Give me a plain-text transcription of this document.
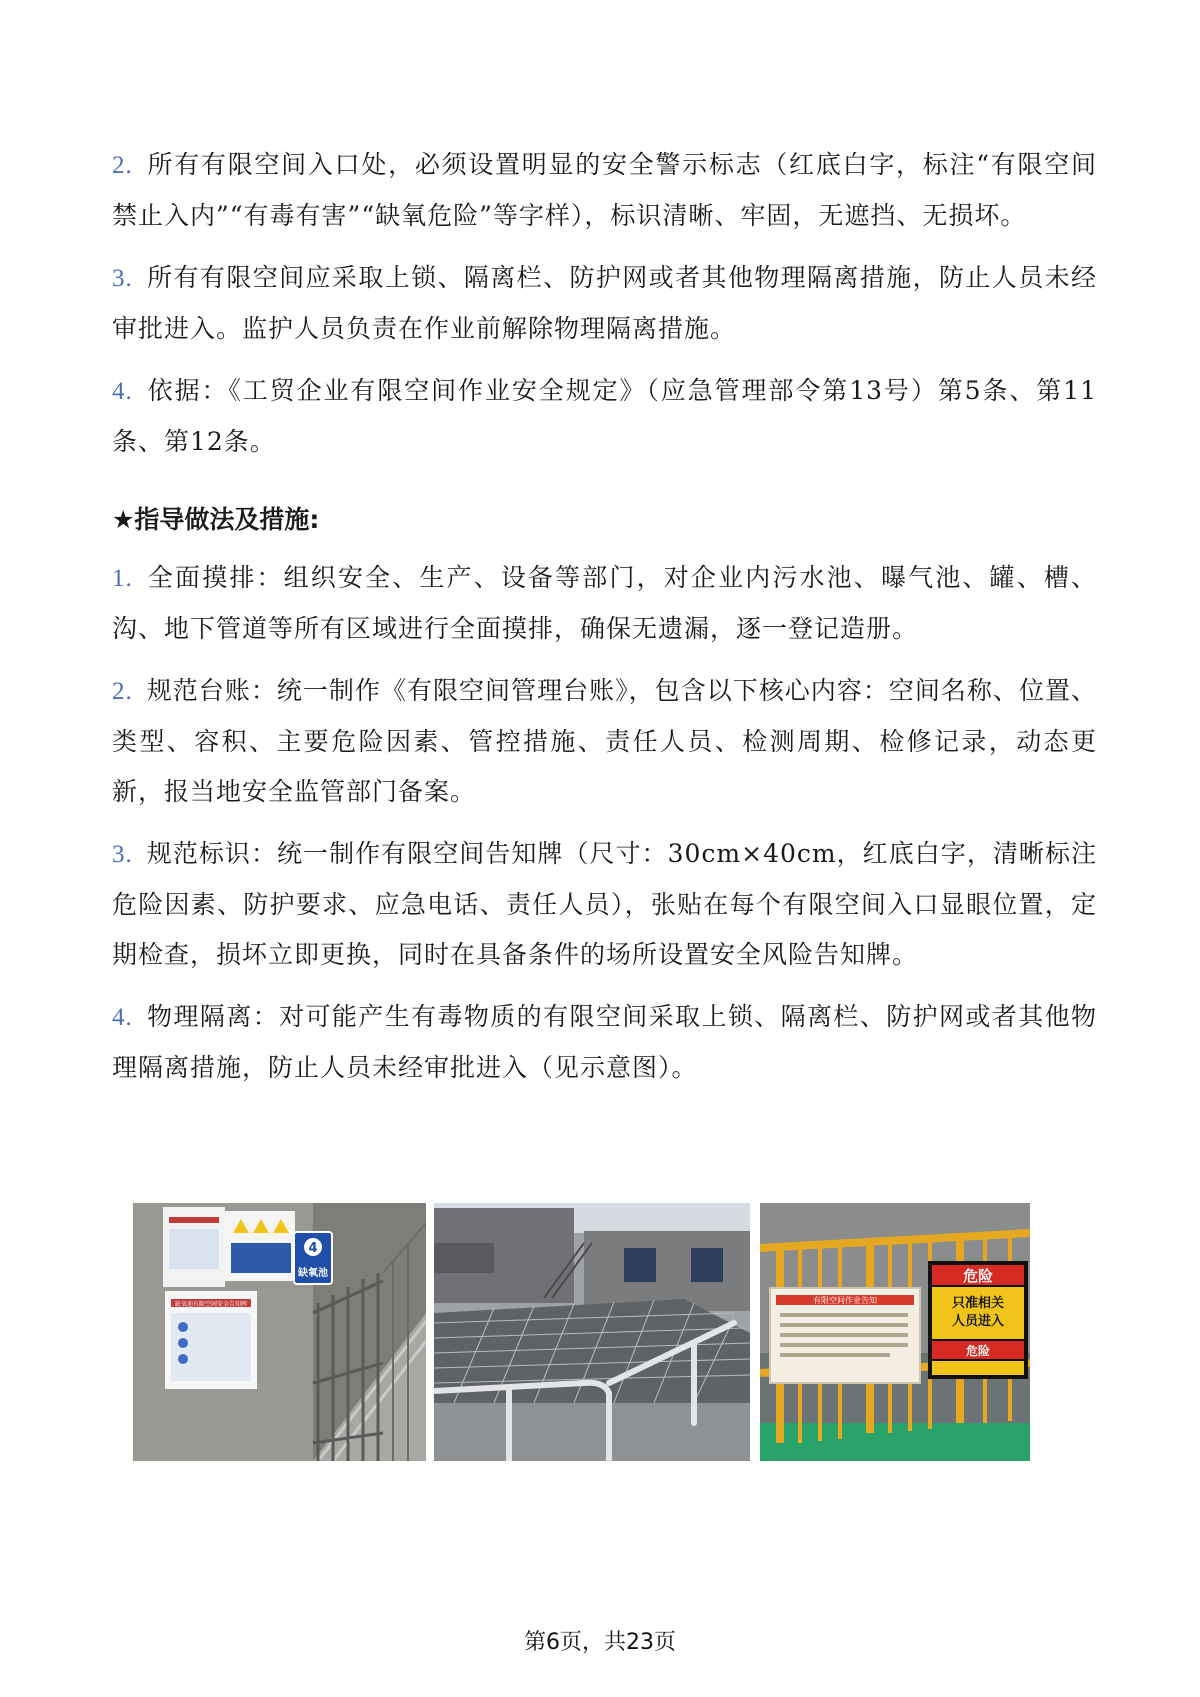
2. 所有有限空间入口处，必须设置明显的安全警示标志（红底白字，标注“有限空间 禁止入内”“有毒有害”“缺氧危险”等字样），标识清晰、牢固，无遮挡、无损坏。
3. 所有有限空间应采取上锁、隔离栏、防护网或者其他物理隔离措施，防止人员未经审批进入。监护人员负责在作业前解除物理隔离措施。
4. 依据：《工贸企业有限空间作业安全规定》（应急管理部令第13号）第5条、第11条、第12条。
★指导做法及措施:
1. 全面摸排：组织安全、生产、设备等部门，对企业内污水池、曝气池、罐、槽、沟、地下管道等所有区域进行全面摸排，确保无遗漏，逐一登记造册。
2. 规范台账：统一制作《有限空间管理台账》，包含以下核心内容：空间名称、位置、类型、容积、主要危险因素、管控措施、责任人员、检测周期、检修记录，动态更新，报当地安全监管部门备案。
3. 规范标识：统一制作有限空间告知牌（尺寸：30cm×40cm，红底白字，清晰标注危险因素、防护要求、应急电话、责任人员），张贴在每个有限空间入口显眼位置，定期检查，损坏立即更换，同时在具备条件的场所设置安全风险告知牌。
4. 物理隔离：对可能产生有毒物质的有限空间采取上锁、隔离栏、防护网或者其他物理隔离措施，防止人员未经审批进入（见示意图）。
缺氧池有限空间安全告知牌
4
缺氧池
有限空间作业告知
危险
只准相关
人员进入
危险
第6页，共23页
